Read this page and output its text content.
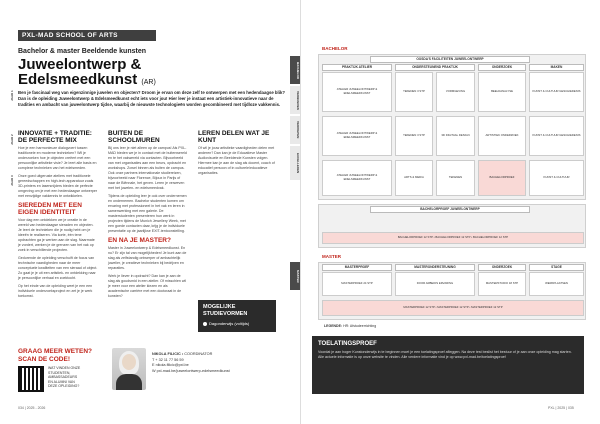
PXL-MAD SCHOOL OF ARTS
Bachelor & master Beeldende kunsten
Juweelontwerp &
Edelsmeedkunst (AR)
Ben je fascinaal weg van eigenzinnige juwelen en objecten? Droom je ervan om deze zelf te ontwerpen met een hedendaagse blik? Dan is de opleiding Juweelontwerp & Edelsmeedkunst echt iets voor jou! Hier leer je instaat een artistiek-innovatieve naar de tradities en ambacht van juweelontwerp tijdse, waarbij de nieuwste technologieën worden gecombineerd met tijdloze vakkennis.
INNOVATIE + TRADITIE: DE PERFECTE MIX

Hoe je een harmonieuze dialogvoert tussen traditionele en moderne technieken? Wil je onderzoeken hoe je objecten creëert met een persoonlijke artistieke visie? Je leert alle basis en complexe technieken van het edelsmeden.

Onze goed uitgeruste ateliers met traditionele gereedschappen en high-tech apparatuur zoals 3D-printers en lasersnijders bieden de perfecte omgeving om je met een hedendaagse ontwerper met eenzijdige vakkennis te ontwikkelen.

SIEREDEN MET EEN EIGEN IDENTITEIT

Voor dag een ontdekken we je creatie in de wereld van hedendaagse sieraden en objecten. Je leert de technieken die je nodig hebt om je ideeën te realiseren. Via korte, één tene opdrachten ga je werken aan de slag. Naarmate je vordert, werken je de grenzen van het vak op zoek in verschillende projecten.

Gedurende de opleiding verschuift de focus van technische vaardigheden naar de meer conceptuele kwaliteiten van een sieraad of object. Zo gaat je je uit een artistiek- en ontdekking naar je persoonlijke verhaal en zoektocht.

Op het einde van de opleiding weet je een een individuele onderzoeksproject en zet je je werk toekomst.

BUITEN DE SCHOOLMUREN

Bij ons leer je niet alleen op de campus! Als PXL-MAD bieden we je in contact met de buitenwereld en te het vakwereld via contacten. Bijvoorbeeld van met organisaties aan een beurs, opdracht en workshops. Zowel binnen als buiten de campus. Ook onze partners internationale studiereizen, bijvoorbeeld naar Florence, Bijoux in Parijs of naar de Biënnale, het geven. Leren je verweven met het juwelen- en edelsmeedvak.

Tijdens de opleiding leer je ook over ondernemen en ondernemen. Bachelor studenten komen om ervaring met professioneel in het vak en leren in samenwerking met een galerie. De masterstudenten presenteren hun werk in projecten tijdens de Munich Jewellery Week, met een goede contacten daar, krijg je de individuele presentatie op de jaarlijkse EXIT-tentoonstelling.

EN NA JE MASTER?

Master in Juweelontwerp & Edelsmeedkunst. En nu? Er zijn tal van mogelijkheden! Je kunt aan de slag als zelfstandig ontwerper of ambachtelijk juwelier, je creatieve technieken bij bedrijven en reparaties.

Werk je liever in opdracht? Dan kan je aan de slag als goudsmid in een atelier. Of misschien wil je meer voor een atelier kiezen en als academische carrière met een doctoraat in de kunsten?

LEREN DELEN WAT JE KUNT

Of wil je jouw artistieke vaardigheden delen met anderen? Dan kan je de Educatieve Master Audiovisuele en Beeldende Kunsten volgen. Hiermee kan je aan de slag als docent, coach of educatief persoon of in culturele/educatieve organisaties.

MOGELIJKE STUDIEVORMEN
Dagonderwijs (voltijds)
GRAAG MEER WETEN?
SCAN DE CODE!
WAT VINDEN ONZE STUDENTEN, AMBASSADEURS EN ALUMNI VAN DEZE OPLEIDING?
NIKOLA FILICIC • COORDINATOR
T + 32 11 77 56 59
E nikola.filicic@pxl.be
W pxl-mad.be/juweelontwerp-edelsmeedkunst
034 | 2025 - 2026
BACHELOR
OOSDA'S FACILITEITEN JUWEELONTWERP
PRAKTIJK ATELIER	ONDERSTEUNEND PRAKTIJK	ONDERZOEK	MAKEN
JAAR 1
ATELIER JUWEELONTWERP & EDELSMEEDKUNST	TEKENEN 3 STP	VORMGEVING	BEELDANALYSE	KUNST & CULTUUR GESCHIEDENIS
JAAR 2
ATELIER JUWEELONTWERP & EDELSMEEDKUNST	TEKENEN 3 STP	3D DIGITAAL DESIGN	ARTISTIEK ONDERZOEK	KUNST & CULTUUR GESCHIEDENIS
JAAR 3
ATELIER JUWEELONTWERP & EDELSMEEDKUNST	ARTS & MEDIA	TEKENEN	BACHELORPROEF	KUNST & CULTUUR
BACHELORPROEF JUWEELONTWERP
BACHELORPROEF 12 STP • BACHELORPROEF 12 STP • BACHELORPROEF 12 STP
MASTER
MASTERPROEF	MASTERONDERSTEUNING	ONDERZOEK	STAGE
MASTERPROEF 24 STP	DOOR ARBEIDS ERVARING	MASTERSTUDIO 18 STP	WERKPLAATSEN
MASTERPROEF 12 STP • MASTERPROEF 12 STP • MASTERPROEF 12 STP
BACHELOR
VERBREDEN
VERDIEPEN
EXCELLEREN
MASTER
LEGENDE: HR: Afstudeerrichting
TOELATINGSPROEF

Voordat je aan hoger Kunstonderwijs in te beginnen moet je een toelatingsproef afleggen. Na deze test beslist het bestuur of je aan onze opleiding mag starten. Alle actuele informatie is op onze website te vinden. Alle verdere informatie vind je op www.pxl-mad.be/toelatingsproef

PXL | 2025 | 035
